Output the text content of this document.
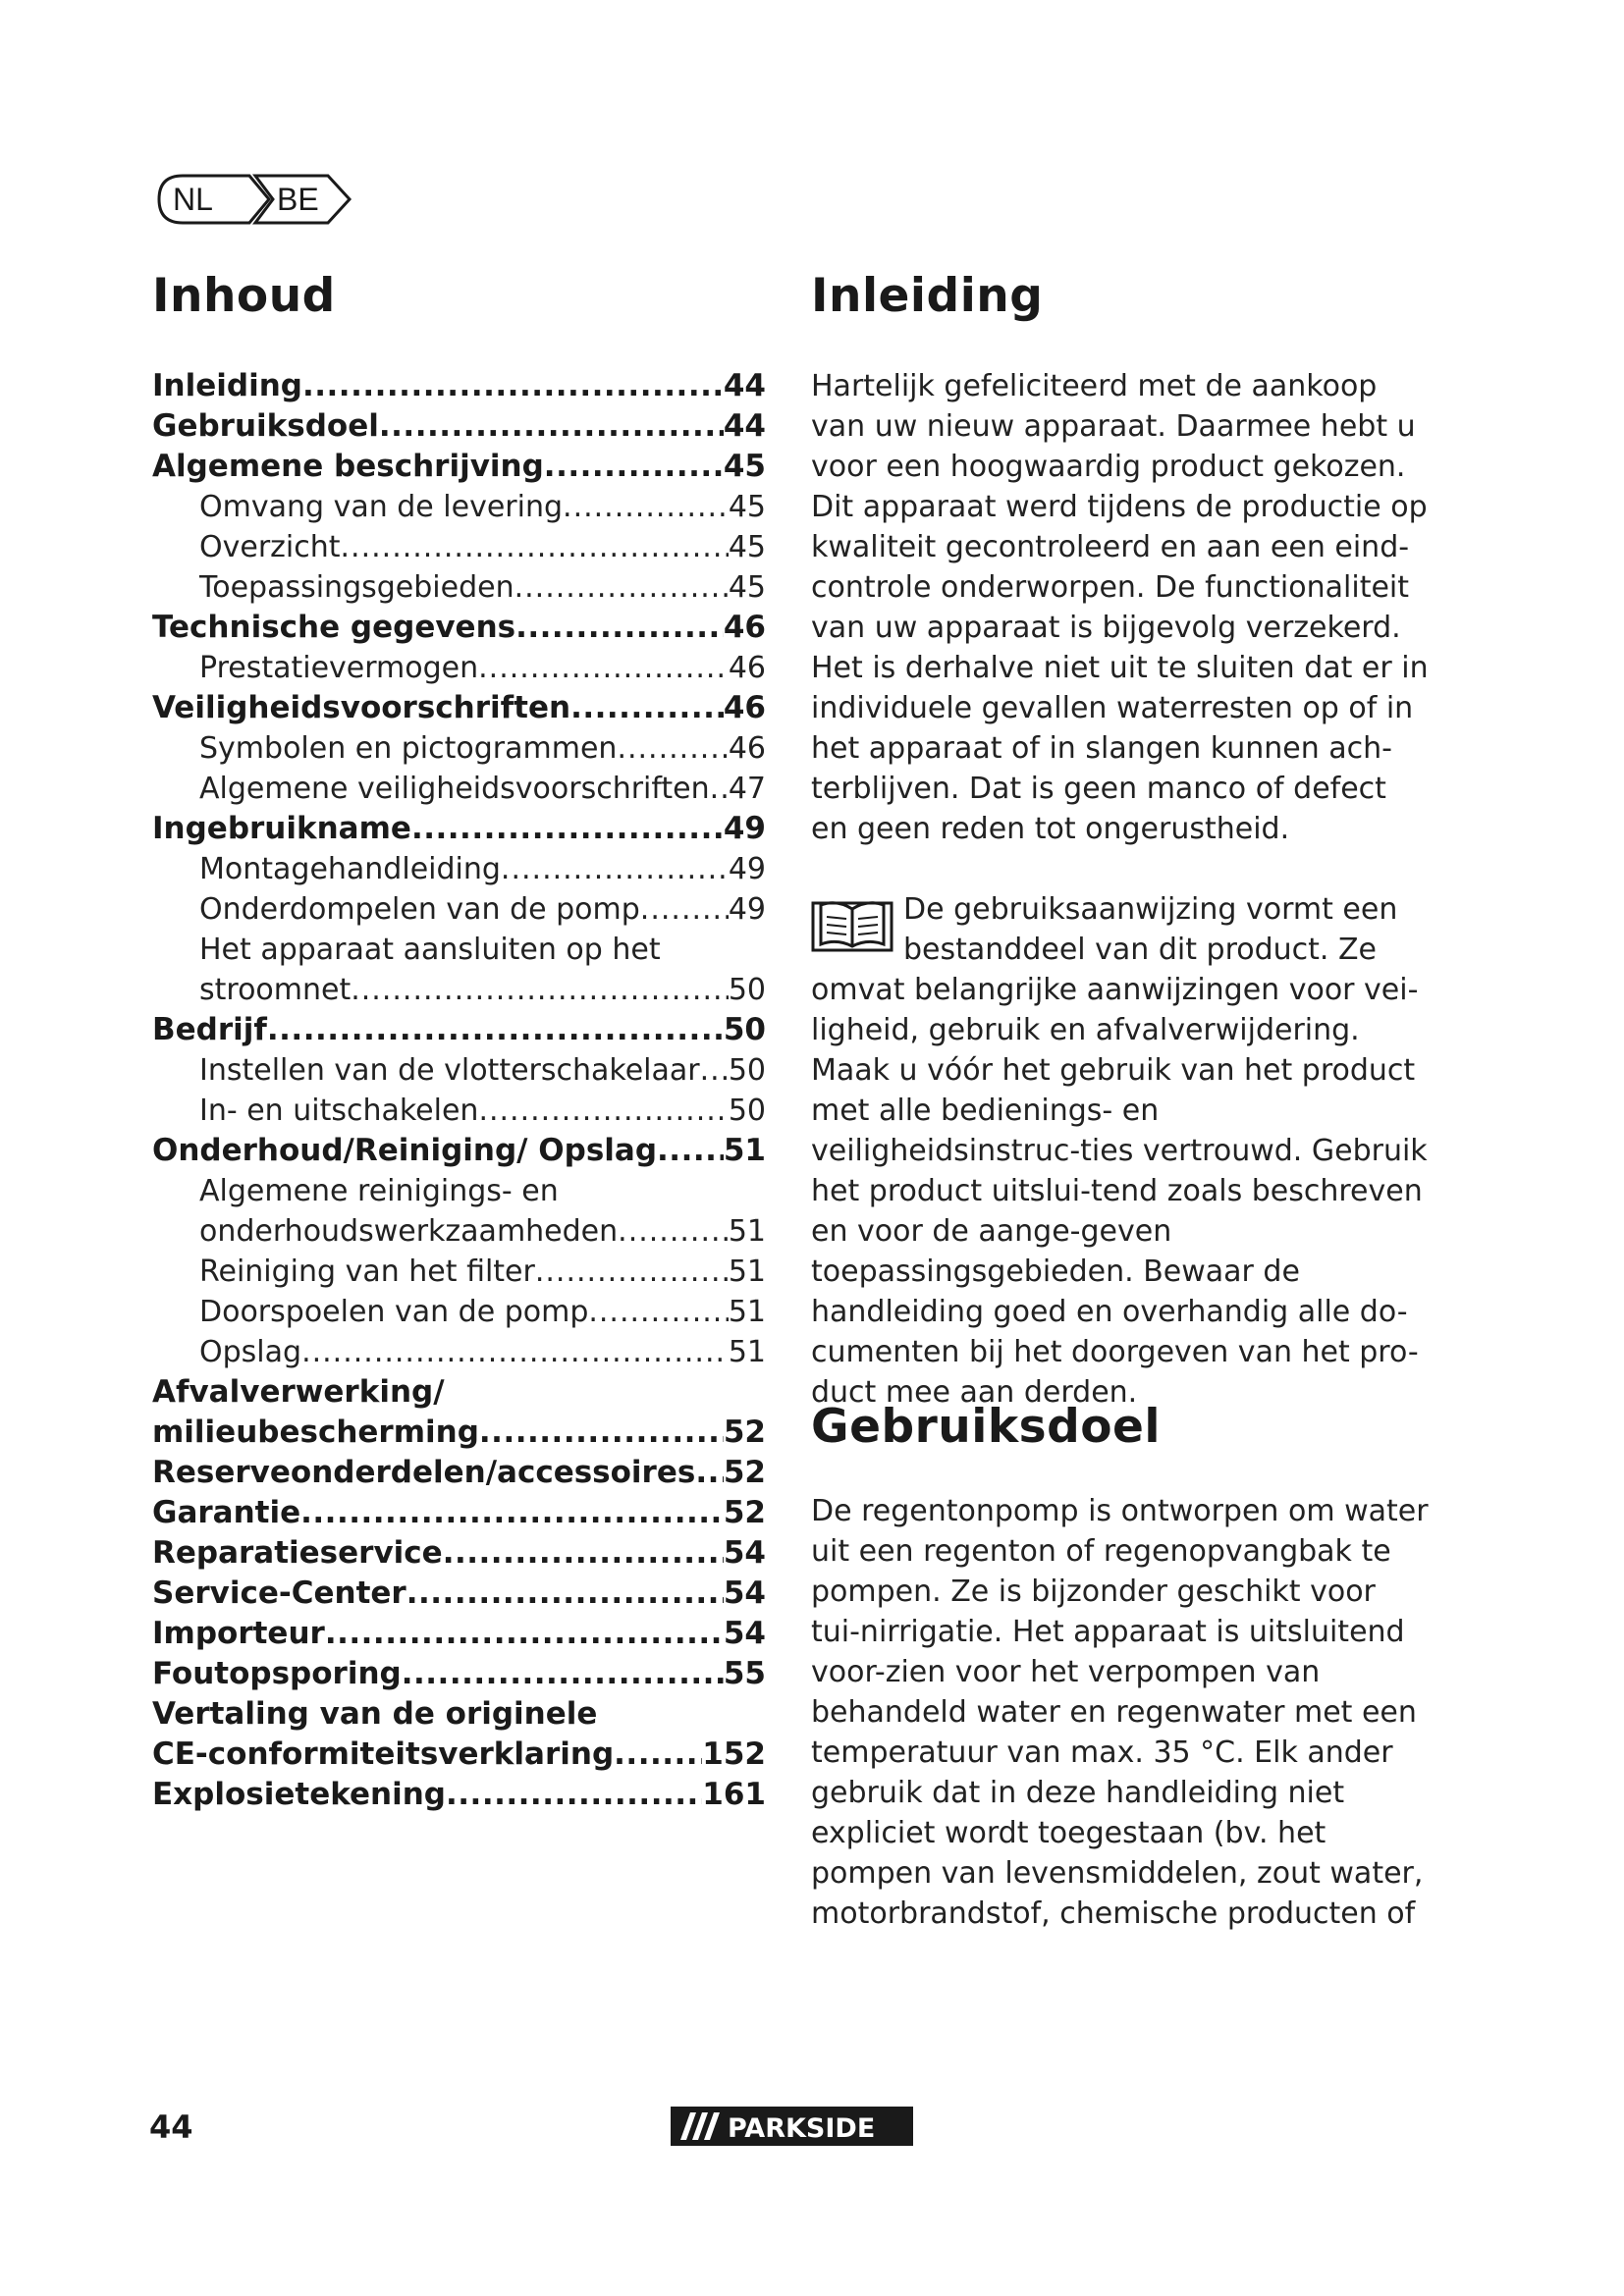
NL BE
Inhoud
Inleiding .....	44
Gebruiksdoel .....	44
Algemene beschrijving .....	45
Omvang van de levering .....	45
Overzicht .....	45
Toepassingsgebieden .....	45
Technische gegevens .....	46
Prestatievermogen .....	46
Veiligheidsvoorschriften .....	46
Symbolen en pictogrammen .....	46
Algemene veiligheidsvoorschriften ..... 47
Ingebruikname .....	49
Montagehandleiding .....	49
Onderdompelen van de pomp .....	49
Het apparaat aansluiten op het
stroomnet .....	50
Bedrijf .....	50
Instellen van de vlotterschakelaar ..... 50
In- en uitschakelen .....	50
Onderhoud/Reiniging/ Opslag ..... 51
Algemene reinigings- en
onderhoudswerkzaamheden .....	51
Reiniging van het filter .....	51
Doorspoelen van de pomp .....	51
Opslag .....	51
Afvalverwerking/
milieubescherming .....	52
Reserveonderdelen/accessoires ..... 52
Garantie .....	52
Reparatieservice .....	54
Service-Center .....	54
Importeur .....	54
Foutopsporing .....	55
Vertaling van de originele
CE-conformiteitsverklaring .....	152
Explosietekening .....	161
Inleiding

Hartelijk gefeliciteerd met de aankoop van uw nieuw apparaat. Daarmee hebt u voor een hoogwaardig product gekozen. Dit apparaat werd tijdens de productie op kwaliteit gecontroleerd en aan een eind-controle onderworpen. De functionaliteit van uw apparaat is bijgevolg verzekerd. Het is derhalve niet uit te sluiten dat er in individuele gevallen waterresten op of in het apparaat of in slangen kunnen ach-terblijven. Dat is geen manco of defect en geen reden tot ongerustheid.

De gebruiksaanwijzing vormt een bestanddeel van dit product. Ze omvat belangrijke aanwijzingen voor vei-ligheid, gebruik en afvalverwijdering. Maak u vóór het gebruik van het product met alle bedienings- en veiligheidsinstruc-ties vertrouwd. Gebruik het product uitslui-tend zoals beschreven en voor de aange-geven toepassingsgebieden. Bewaar de handleiding goed en overhandig alle do-cumenten bij het doorgeven van het pro-duct mee aan derden.
Gebruiksdoel

De regentonpomp is ontworpen om water uit een regenton of regenopvangbak te pompen. Ze is bijzonder geschikt voor tui-nirrigatie. Het apparaat is uitsluitend voor-zien voor het verpompen van behandeld water en regenwater met een temperatuur van max. 35 °C. Elk ander gebruik dat in deze handleiding niet expliciet wordt toegestaan (bv. het pompen van levensmiddelen, zout water, motorbrandstof, chemische producten of

44	PARKSIDE
